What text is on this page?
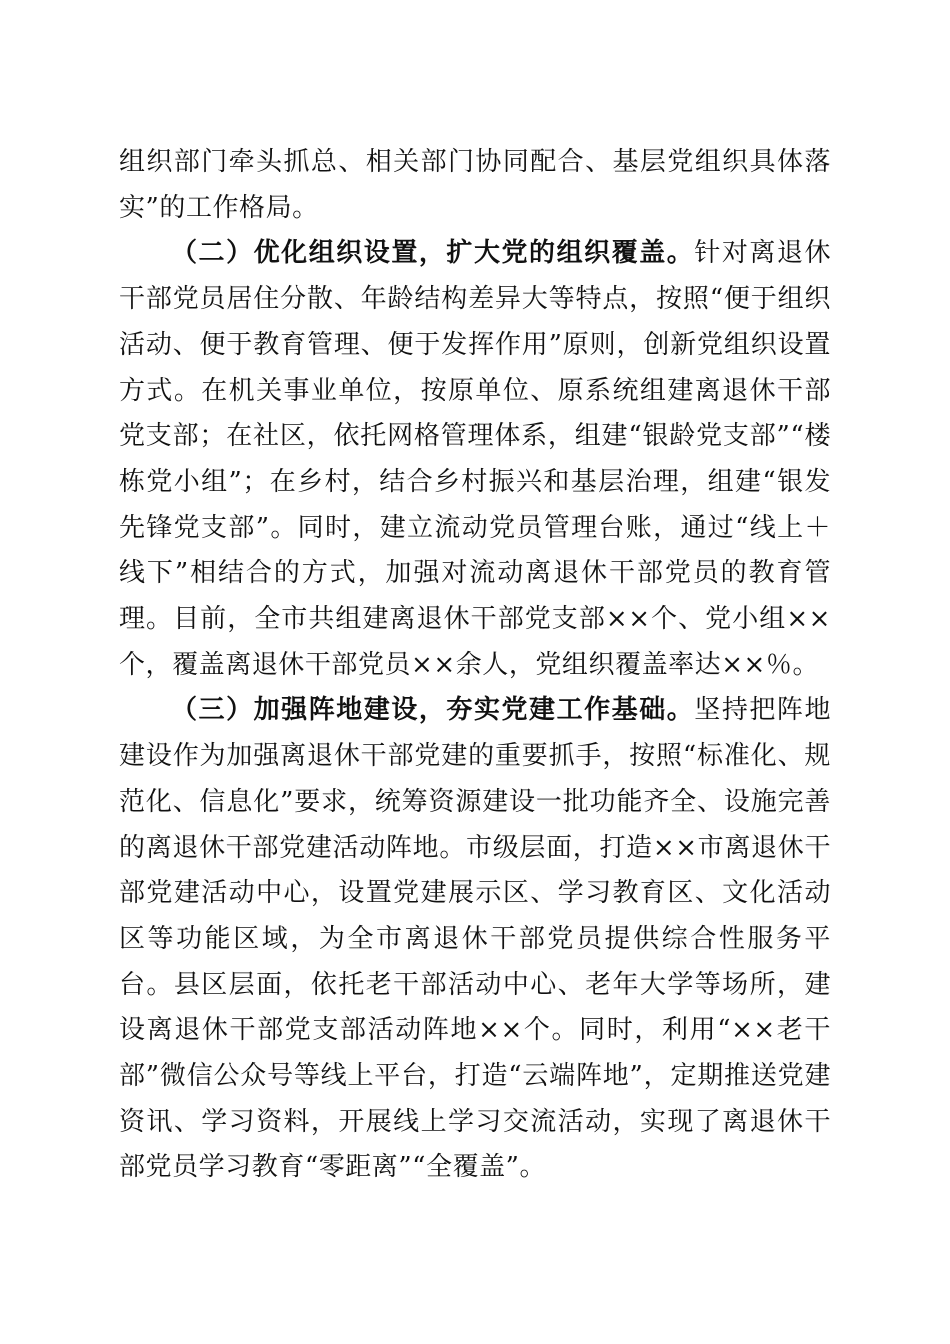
组织部门牵头抓总、相关部门协同配合、基层党组织具体落实”的工作格局。

（二）优化组织设置，扩大党的组织覆盖。针对离退休干部党员居住分散、年龄结构差异大等特点，按照“便于组织活动、便于教育管理、便于发挥作用”原则，创新党组织设置方式。在机关事业单位，按原单位、原系统组建离退休干部党支部；在社区，依托网格管理体系，组建“银龄党支部”“楼栋党小组”；在乡村，结合乡村振兴和基层治理，组建“银发先锋党支部”。同时，建立流动党员管理台账，通过“线上＋线下”相结合的方式，加强对流动离退休干部党员的教育管理。目前，全市共组建离退休干部党支部××个、党小组××个，覆盖离退休干部党员××余人，党组织覆盖率达××％。

（三）加强阵地建设，夯实党建工作基础。坚持把阵地建设作为加强离退休干部党建的重要抓手，按照“标准化、规范化、信息化”要求，统筹资源建设一批功能齐全、设施完善的离退休干部党建活动阵地。市级层面，打造××市离退休干部党建活动中心，设置党建展示区、学习教育区、文化活动区等功能区域，为全市离退休干部党员提供综合性服务平台。县区层面，依托老干部活动中心、老年大学等场所，建设离退休干部党支部活动阵地××个。同时，利用“××老干部”微信公众号等线上平台，打造“云端阵地”，定期推送党建资讯、学习资料，开展线上学习交流活动，实现了离退休干部党员学习教育“零距离”“全覆盖”。
